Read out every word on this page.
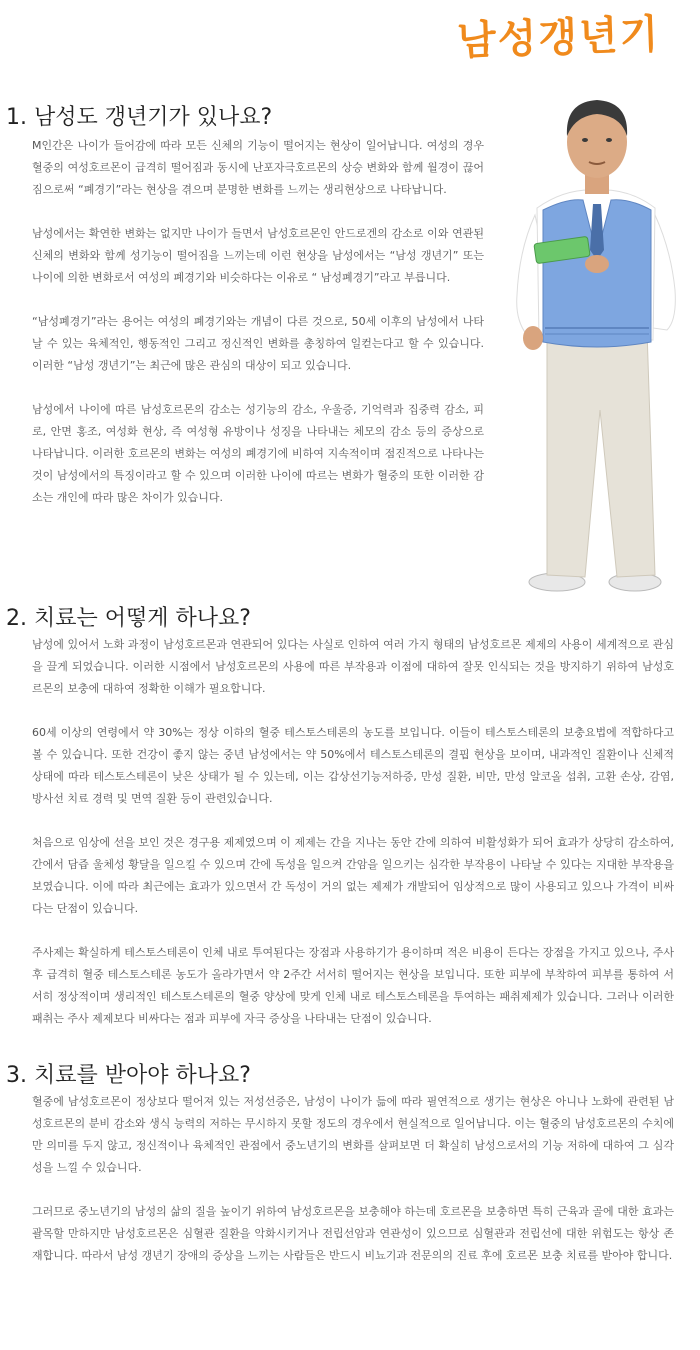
남성갱년기
1. 남성도 갱년기가 있나요?

M인간은 나이가 들어감에 따라 모든 신체의 기능이 떨어지는 현상이 일어납니다. 여성의 경우 혈중의 여성호르몬이 급격히 떨어짐과 동시에 난포자극호르몬의 상승 변화와 함께 월경이 끊어짐으로써 “폐경기”라는 현상을 겪으며 분명한 변화를 느끼는 생리현상으로 나타납니다.

남성에서는 확연한 변화는 없지만 나이가 들면서 남성호르몬인 안드로겐의 감소로 이와 연관된 신체의 변화와 함께 성기능이 떨어짐을 느끼는데 이런 현상을 남성에서는 “남성 갱년기” 또는 나이에 의한 변화로서 여성의 폐경기와 비슷하다는 이유로 “ 남성폐경기”라고 부릅니다.

“남성폐경기”라는 용어는 여성의 폐경기와는 개념이 다른 것으로, 50세 이후의 남성에서 나타날 수 있는 육체적인, 행동적인 그리고 정신적인 변화를 총칭하여 일컫는다고 할 수 있습니다. 이러한 “남성 갱년기”는 최근에 많은 관심의 대상이 되고 있습니다.

남성에서 나이에 따른 남성호르몬의 감소는 성기능의 감소, 우울증, 기억력과 집중력 감소, 피로, 안면 홍조, 여성화 현상, 즉 여성형 유방이나 성징을 나타내는 체모의 감소 등의 증상으로 나타납니다. 이러한 호르몬의 변화는 여성의 폐경기에 비하여 지속적이며 점진적으로 나타나는 것이 남성에서의 특징이라고 할 수 있으며 이러한 나이에 따르는 변화가 혈중의 또한 이러한 감소는 개인에 따라 많은 차이가 있습니다.

2. 치료는 어떻게 하나요?

남성에 있어서 노화 과정이 남성호르몬과 연관되어 있다는 사실로 인하여 여러 가지 형태의 남성호르몬 제제의 사용이 세계적으로 관심을 끌게 되었습니다. 이러한 시점에서 남성호르몬의 사용에 따른 부작용과 이점에 대하여 잘못 인식되는 것을 방지하기 위하여 남성호르몬의 보충에 대하여 정확한 이해가 필요합니다.

60세 이상의 연령에서 약 30%는 정상 이하의 혈중 테스토스테론의 농도를 보입니다. 이들이 테스토스테론의 보충요법에 적합하다고 볼 수 있습니다. 또한 건강이 좋지 않는 중년 남성에서는 약 50%에서 테스토스테론의 결핍 현상을 보이며, 내과적인 질환이나 신체적 상태에 따라 테스토스테론이 낮은 상태가 될 수 있는데, 이는 갑상선기능저하증, 만성 질환, 비만, 만성 알코올 섭취, 고환 손상, 감염, 방사선 치료 경력 및 면역 질환 등이 관련있습니다.

처음으로 임상에 선을 보인 것은 경구용 제제였으며 이 제제는 간을 지나는 동안 간에 의하여 비활성화가 되어 효과가 상당히 감소하여, 간에서 담즙 울체성 황달을 일으킬 수 있으며 간에 독성을 일으켜 간암을 일으키는 심각한 부작용이 나타날 수 있다는 지대한 부작용을 보였습니다. 이에 따라 최근에는 효과가 있으면서 간 독성이 거의 없는 제제가 개발되어 임상적으로 많이 사용되고 있으나 가격이 비싸다는 단점이 있습니다.

주사제는 확실하게 테스토스테론이 인체 내로 투여된다는 장점과 사용하기가 용이하며 적은 비용이 든다는 장점을 가지고 있으나, 주사 후 급격히 혈중 테스토스테론 농도가 올라가면서 약 2주간 서서히 떨어지는 현상을 보입니다. 또한 피부에 부착하여 피부를 통하여 서서히 정상적이며 생리적인 테스토스테론의 혈중 양상에 맞게 인체 내로 테스토스테론을 투여하는 패취제제가 있습니다. 그러나 이러한 패취는 주사 제제보다 비싸다는 점과 피부에 자극 증상을 나타내는 단점이 있습니다.

3. 치료를 받아야 하나요?

혈중에 남성호르몬이 정상보다 떨어져 있는 저성선증은, 남성이 나이가 듦에 따라 필연적으로 생기는 현상은 아니나 노화에 관련된 남성호르몬의 분비 감소와 생식 능력의 저하는 무시하지 못할 정도의 경우에서 현실적으로 일어납니다. 이는 혈중의 남성호르몬의 수치에만 의미를 두지 않고, 정신적이나 육체적인 관점에서 중노년기의 변화를 살펴보면 더 확실히 남성으로서의 기능 저하에 대하여 그 심각성을 느낄 수 있습니다.

그러므로 중노년기의 남성의 삶의 질을 높이기 위하여 남성호르몬을 보충해야 하는데 호르몬을 보충하면 특히 근육과 골에 대한 효과는 괄목할 만하지만 남성호르몬은 심혈관 질환을 악화시키거나 전립선암과 연관성이 있으므로 심혈관과 전립선에 대한 위험도는 항상 존재합니다. 따라서 남성 갱년기 장애의 증상을 느끼는 사람들은 반드시 비뇨기과 전문의의 진료 후에 호르몬 보충 치료를 받아야 합니다.
